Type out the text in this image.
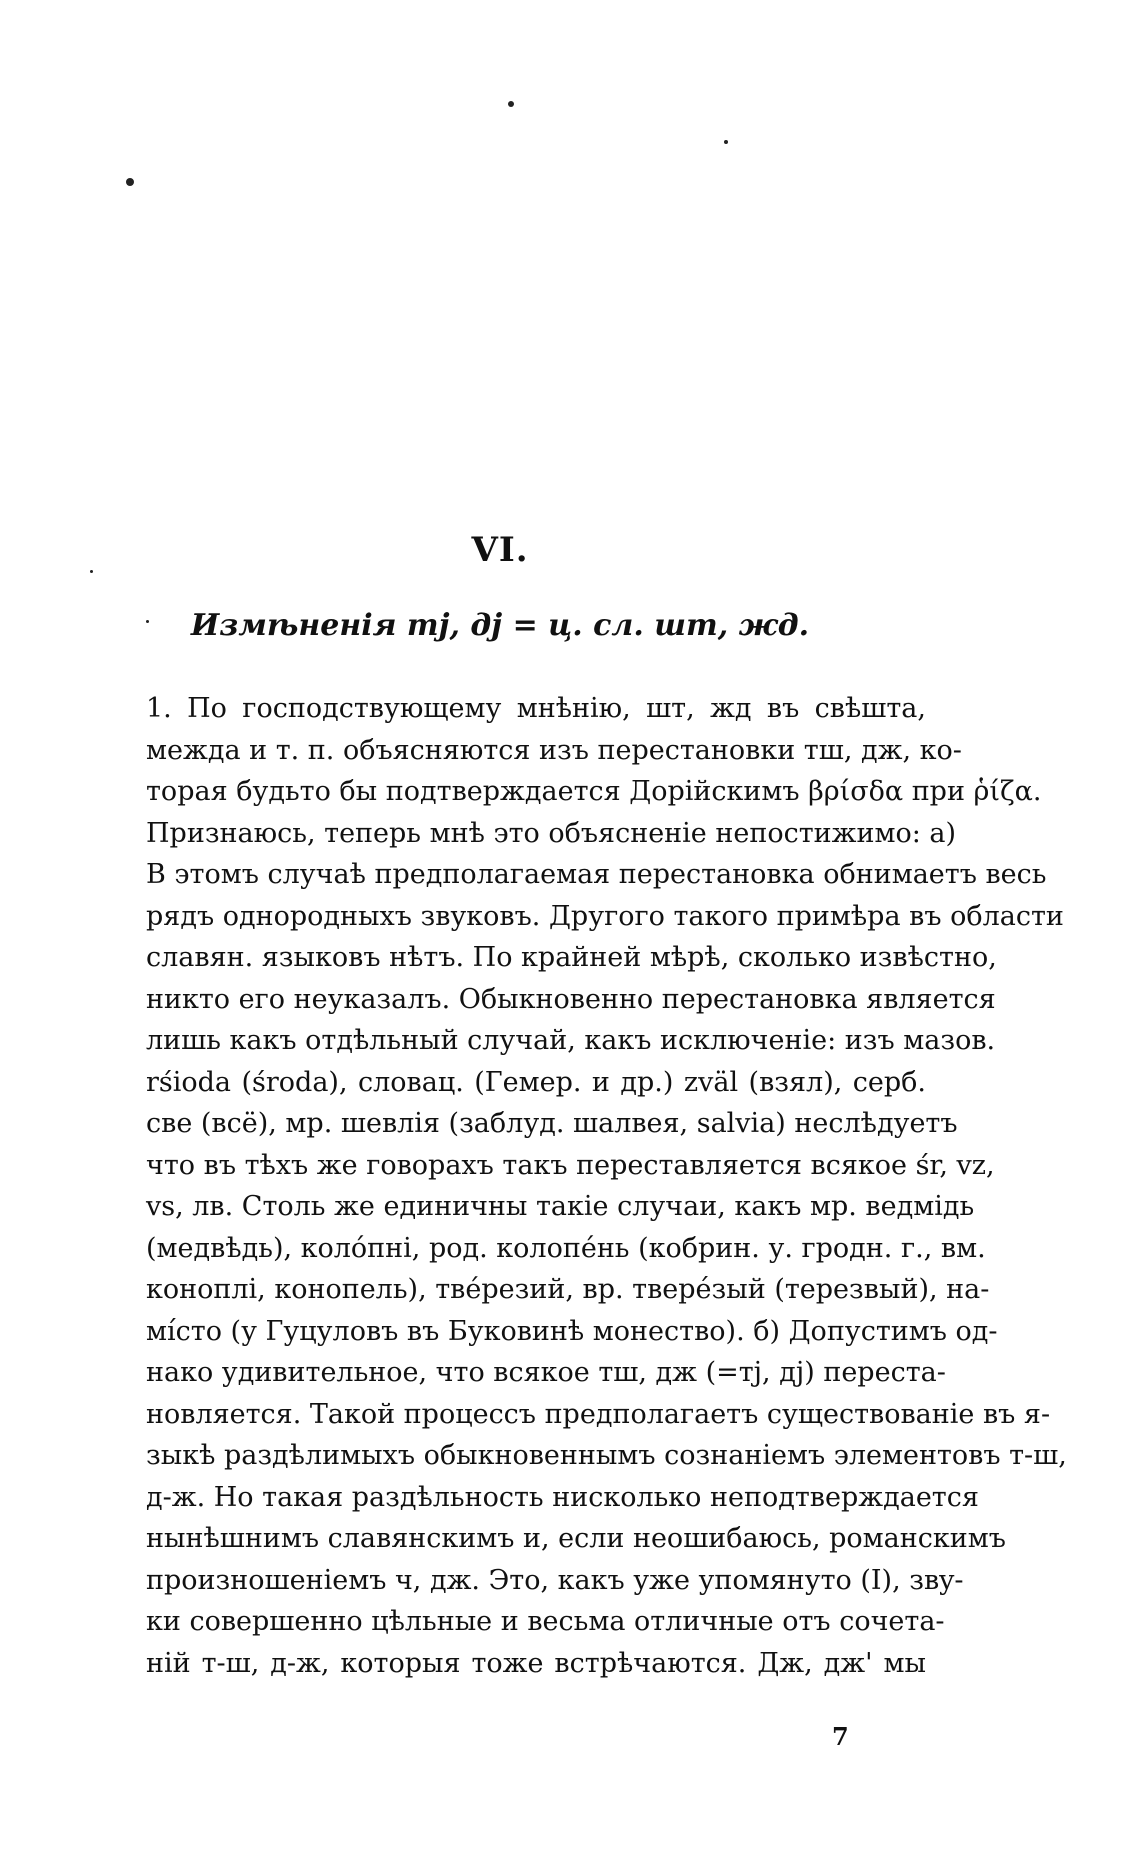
VI.
Измѣненія тј, дј = ц. сл. шт, жд.
1. По господствующему мнѣнію, шт, жд въ свѣшта,
межда и т. п. объясняются изъ перестановки тш, дж, ко-
торая будьто бы подтверждается Дорійскимъ βρίσδα при ῥίζα.
Признаюсь, теперь мнѣ это объясненіе непостижимо: а)
В этомъ случаѣ предполагаемая перестановка обнимаетъ весь
рядъ однородныхъ звуковъ. Другого такого примѣра въ области
славян. языковъ нѣтъ. По крайней мѣрѣ, сколько извѣстно,
никто его неуказалъ. Обыкновенно перестановка является
лишь какъ отдѣльный случай, какъ исключеніе: изъ мазов.
rśioda (środa), словац. (Гемер. и др.) zväl (взял), серб.
све (всё), мр. шевлія (заблуд. шалвея, salvia) неслѣдуетъ
что въ тѣхъ же говорахъ такъ переставляется всякое śr, vz,
vs, лв. Столь же единичны такіе случаи, какъ мр. ведмідь
(медвѣдь), колóпні, род. колопéнь (кобрин. у. гродн. г., вм.
коноплі, конопель), твéрезий, вр. твере́зый (терезвый), на-
мі́сто (у Гуцуловъ въ Буковинѣ монество). б) Допустимъ од-
нако удивительное, что всякое тш, дж (=тј, дј) переста-
новляется. Такой процессъ предполагаетъ существованіе въ я-
зыкѣ раздѣлимыхъ обыкновеннымъ сознаніемъ элементовъ т-ш,
д-ж. Но такая раздѣльность нисколько неподтверждается
нынѣшнимъ славянскимъ и, если неошибаюсь, романскимъ
произношеніемъ ч, дж. Это, какъ уже упомянуто (I), звy-
ки совершенно цѣльные и весьма отличные отъ сочета-
ній т-ш, д-ж, которыя тоже встрѣчаются. Дж, дж' мы
7
